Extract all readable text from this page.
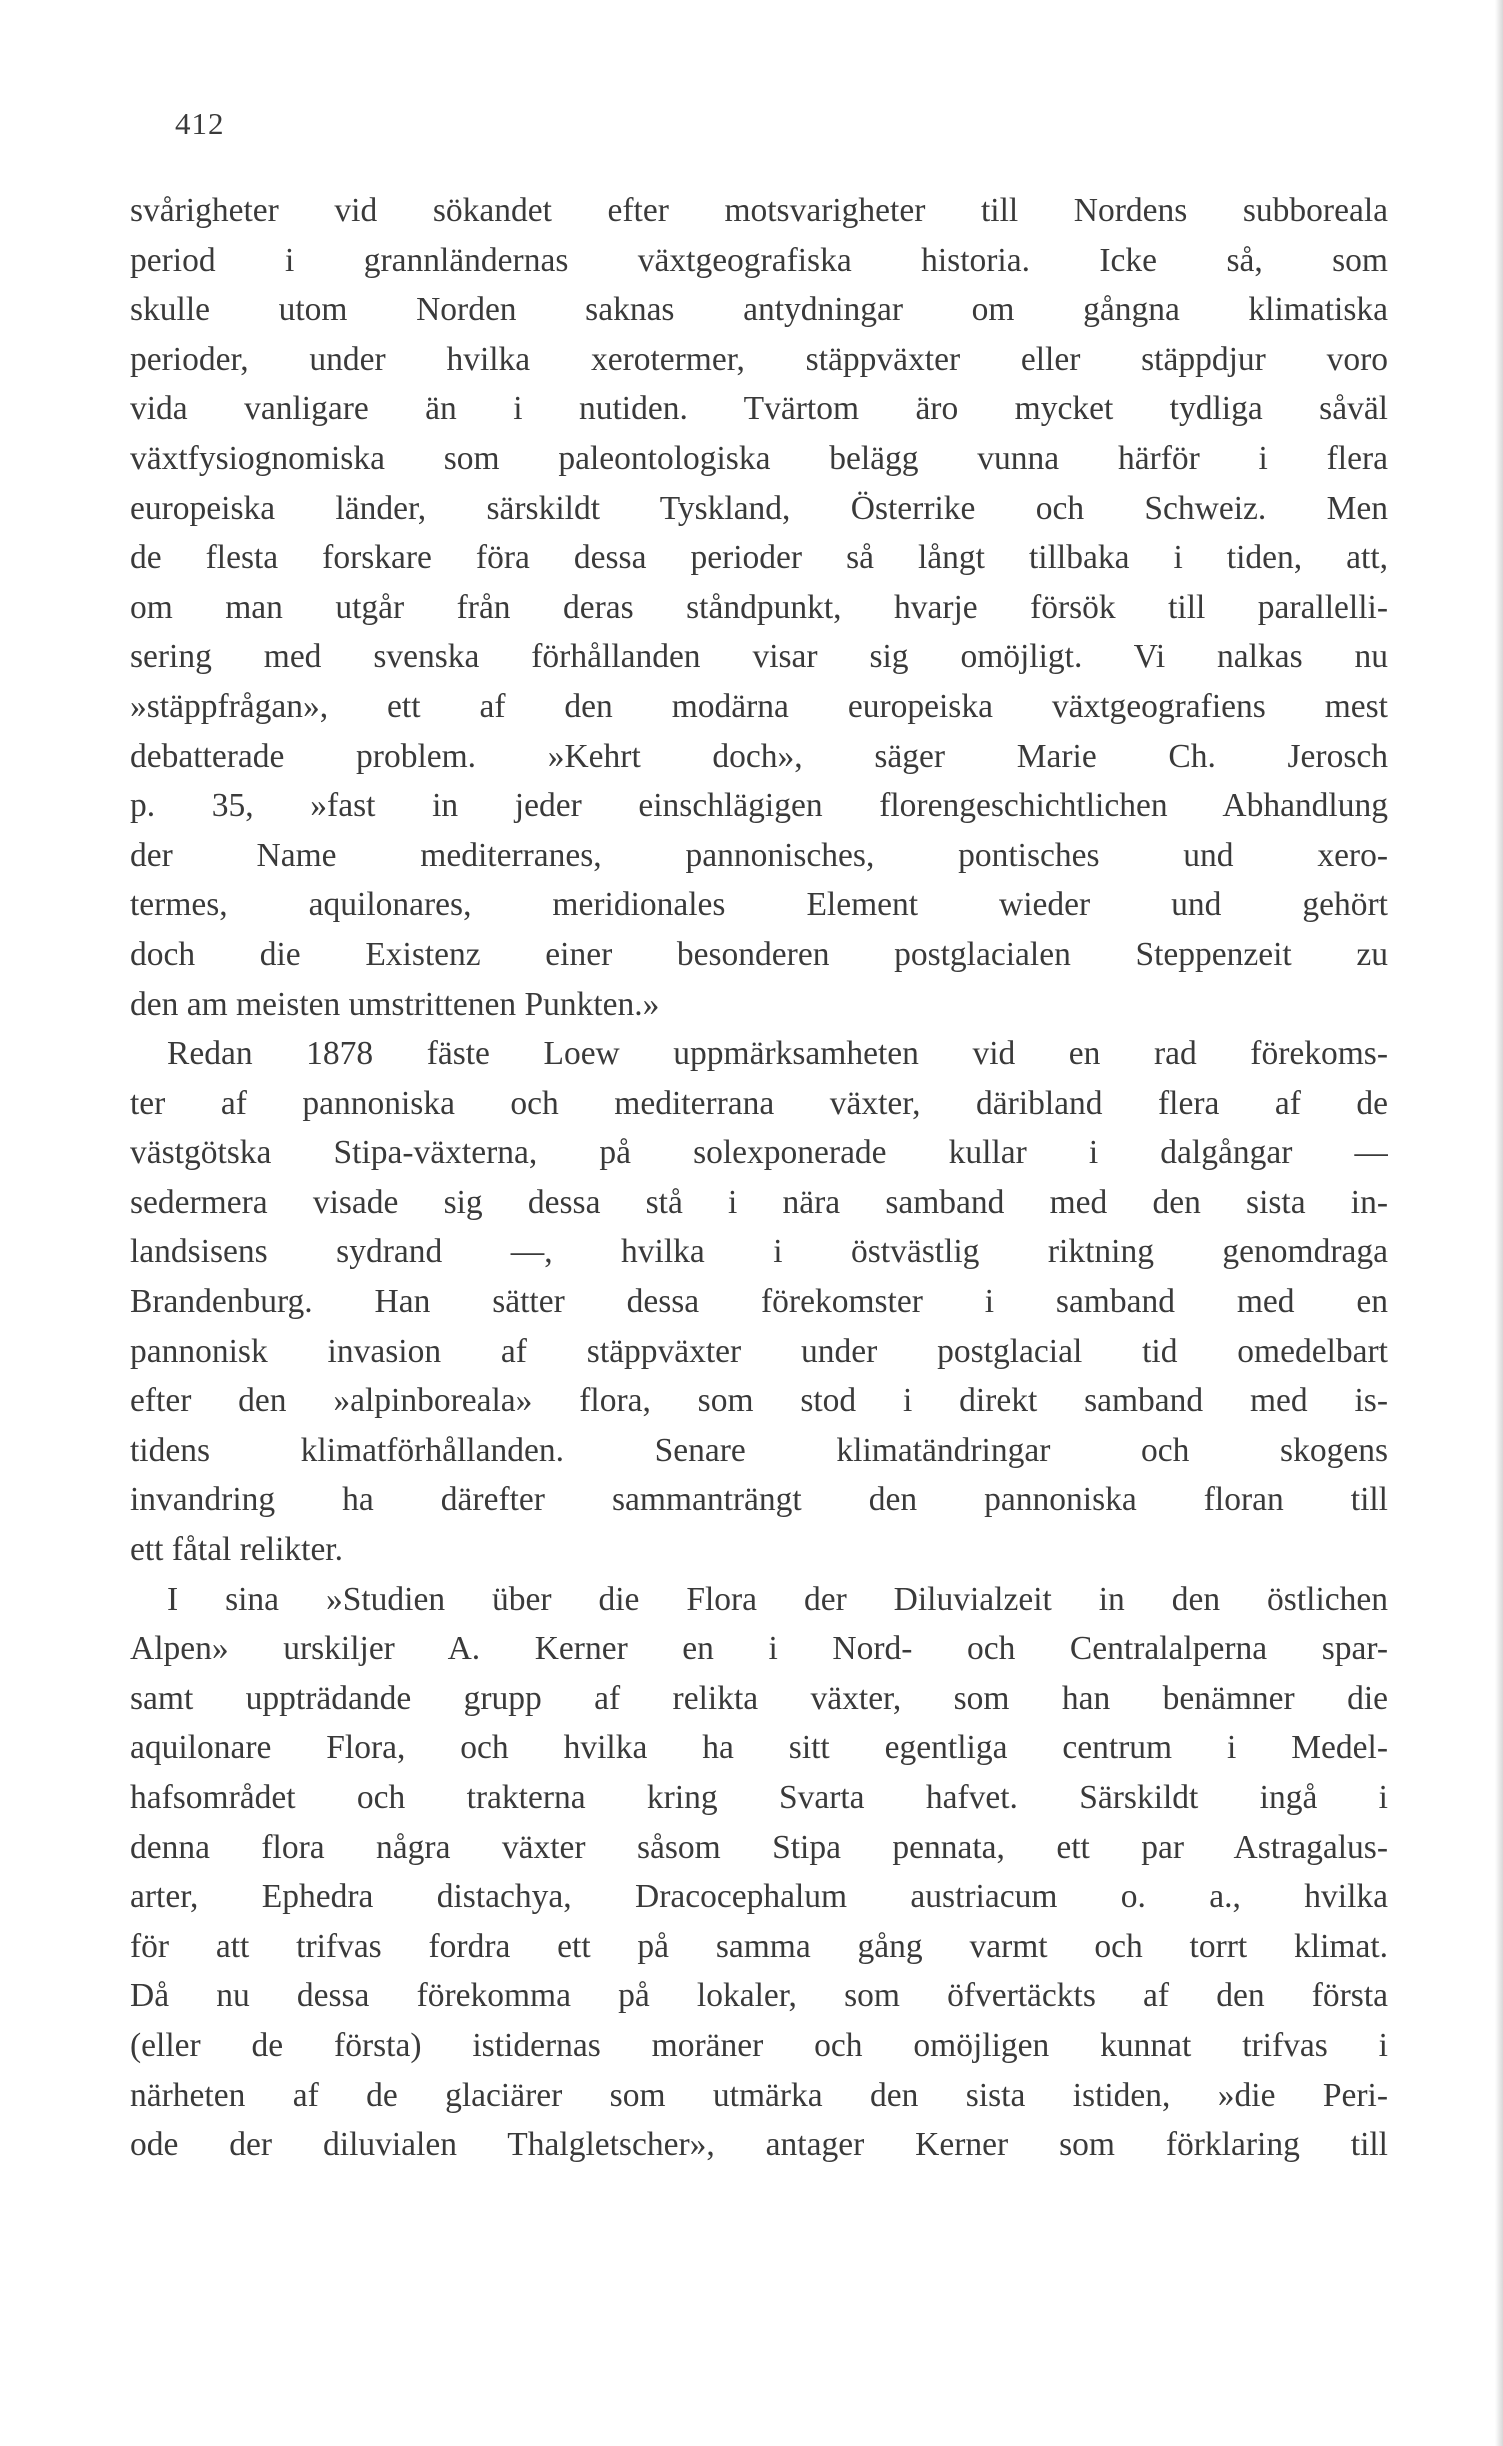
412
svårigheter vid sökandet efter motsvarigheter till Nordens subboreala
period i grannländernas växtgeografiska historia. Icke så, som
skulle utom Norden saknas antydningar om gångna klimatiska
perioder, under hvilka xerotermer, stäppväxter eller stäppdjur voro
vida vanligare än i nutiden. Tvärtom äro mycket tydliga såväl
växtfysiognomiska som paleontologiska belägg vunna härför i flera
europeiska länder, särskildt Tyskland, Österrike och Schweiz. Men
de flesta forskare föra dessa perioder så långt tillbaka i tiden, att,
om man utgår från deras ståndpunkt, hvarje försök till parallelli-
sering med svenska förhållanden visar sig omöjligt. Vi nalkas nu
»stäppfrågan», ett af den modärna europeiska växtgeografiens mest
debatterade problem. »Kehrt doch», säger Marie Ch. Jerosch
p. 35, »fast in jeder einschlägigen florengeschichtlichen Abhandlung
der Name mediterranes, pannonisches, pontisches und xero-
termes, aquilonares, meridionales Element wieder und gehört
doch die Existenz einer besonderen postglacialen Steppenzeit zu
den am meisten umstrittenen Punkten.»
Redan 1878 fäste Loew uppmärksamheten vid en rad förekoms-
ter af pannoniska och mediterrana växter, däribland flera af de
västgötska Stipa-växterna, på solexponerade kullar i dalgångar —
sedermera visade sig dessa stå i nära samband med den sista in-
landsisens sydrand —, hvilka i östvästlig riktning genomdraga
Brandenburg. Han sätter dessa förekomster i samband med en
pannonisk invasion af stäppväxter under postglacial tid omedelbart
efter den »alpinboreala» flora, som stod i direkt samband med is-
tidens klimatförhållanden. Senare klimatändringar och skogens
invandring ha därefter sammanträngt den pannoniska floran till
ett fåtal relikter.
I sina »Studien über die Flora der Diluvialzeit in den östlichen
Alpen» urskiljer A. Kerner en i Nord- och Centralalperna spar-
samt uppträdande grupp af relikta växter, som han benämner die
aquilonare Flora, och hvilka ha sitt egentliga centrum i Medel-
hafsområdet och trakterna kring Svarta hafvet. Särskildt ingå i
denna flora några växter såsom Stipa pennata, ett par Astragalus-
arter, Ephedra distachya, Dracocephalum austriacum o. a., hvilka
för att trifvas fordra ett på samma gång varmt och torrt klimat.
Då nu dessa förekomma på lokaler, som öfvertäckts af den första
(eller de första) istidernas moräner och omöjligen kunnat trifvas i
närheten af de glaciärer som utmärka den sista istiden, »die Peri-
ode der diluvialen Thalgletscher», antager Kerner som förklaring till
